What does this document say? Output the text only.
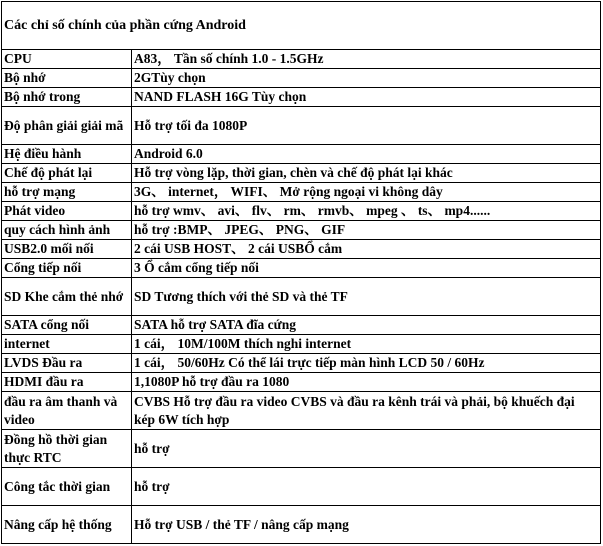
Các chỉ số chính của phần cứng Android	
CPU	A83， Tần số chính 1.0 - 1.5GHz
Bộ nhớ	2GTùy chọn
Bộ nhớ trong	NAND FLASH 16G Tùy chọn
Độ phân giải giải mã	Hỗ trợ tối đa 1080P
Hệ điều hành	Android 6.0
Chế độ phát lại	Hỗ trợ vòng lặp, thời gian, chèn và chế độ phát lại khác
hỗ trợ mạng	3G、 internet， WIFI、 Mở rộng ngoại vi không dây
Phát video	hỗ trợ wmv、 avi、 flv、 rm、 rmvb、 mpeg 、 ts、 mp4......
quy cách hình ảnh	hỗ trợ :BMP、 JPEG、 PNG、 GIF
USB2.0 mối nối	2 cái USB HOST、 2 cái USBỔ cắm
Cổng tiếp nối	3 Ổ cắm cổng tiếp nối
SD Khe cắm thẻ nhớ	SD Tương thích với thẻ SD và thẻ TF
SATA cổng nối	SATA hỗ trợ SATA đĩa cứng
internet	1 cái， 10M/100M thích nghi internet
LVDS Đầu ra	1 cái， 50/60Hz Có thể lái trực tiếp màn hình LCD 50 / 60Hz
HDMI đầu ra	1,1080P hỗ trợ đầu ra 1080
đầu ra âm thanh và video	CVBS Hỗ trợ đầu ra video CVBS và đầu ra kênh trái và phải, bộ khuếch đại kép 6W tích hợp
Đồng hồ thời gian thực RTC	hỗ trợ
Công tắc thời gian	hỗ trợ
Nâng cấp hệ thống	Hỗ trợ USB / thẻ TF / nâng cấp mạng
